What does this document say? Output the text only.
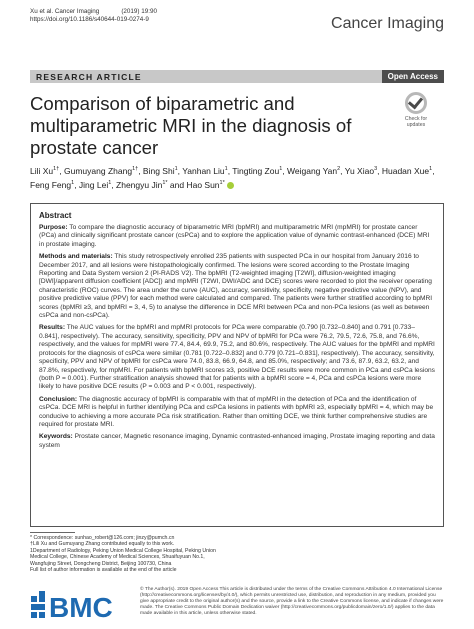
Xu et al. Cancer Imaging	(2019) 19:90
https://doi.org/10.1186/s40644-019-0274-9	Cancer Imaging
RESEARCH ARTICLE	Open Access
Comparison of biparametric and multiparametric MRI in the diagnosis of prostate cancer
Check for
updates
Lili $Xu^{1\dagger}$, Gumuyang Zhang$^{1\dagger}$, Bing Shi$^1$, Yanhan Liu$^1$, Tingting Zou$^1$, Weigang Yan$^2$, Yu Xiao$^3$, Huadan Xue$^1$, Feng Feng$^1$, Jing Lei$^1$, Zhengyu Jin$^{1*}$ and Hao Sun$^{1*}$
Abstract

Purpose: To compare the diagnostic accuracy of biparametric MRI (bpMRI) and multiparametric MRI (mpMRI) for prostate cancer (PCa) and clinically significant prostate cancer (csPCa) and to explore the application value of dynamic contrast-enhanced (DCE) MRI in prostate imaging.

Methods and materials: This study retrospectively enrolled 235 patients with suspected PCa in our hospital from January 2016 to December 2017, and all lesions were histopathologically confirmed. The lesions were scored according to the Prostate Imaging Reporting and Data System version 2 (PI-RADS V2). The bpMRI (T2-weighted imaging [T2WI], diffusion-weighted imaging [DWI]/apparent diffusion coefficient [ADC]) and mpMRI (T2WI, DWI/ADC and DCE) scores were recorded to plot the receiver operating characteristic (ROC) curves. The area under the curve (AUC), accuracy, sensitivity, specificity, negative predictive value (NPV), and positive predictive value (PPV) for each method were calculated and compared. The patients were further stratified according to bpMRI scores (bpMRI ≥3, and bpMRI = 3, 4, 5) to analyse the difference in DCE MRI between PCa and non-PCa lesions (as well as between csPCa and non-csPCa).

Results: The AUC values for the bpMRI and mpMRI protocols for PCa were comparable (0.790 [0.732–0.840] and 0.791 [0.733–0.841], respectively). The accuracy, sensitivity, specificity, PPV and NPV of bpMRI for PCa were 76.2, 79.5, 72.6, 75.8, and 76.6%, respectively, and the values for mpMRI were 77.4, 84.4, 69.9, 75.2, and 80.6%, respectively. The AUC values for the bpMRI and mpMRI protocols for the diagnosis of csPCa were similar (0.781 [0.722–0.832] and 0.779 [0.721–0.831], respectively). The accuracy, sensitivity, specificity, PPV and NPV of bpMRI for csPCa were 74.0, 83.8, 66.9, 64.8, and 85.0%, respectively; and 73.6, 87.9, 63.2, 63.2, and 87.8%, respectively, for mpMRI. For patients with bpMRI scores ≥3, positive DCE results were more common in PCa and csPCa lesions (both P = 0.001). Further stratification analysis showed that for patients with a bpMRI score = 4, PCa and csPCa lesions were more likely to have positive DCE results (P = 0.003 and P < 0.001, respectively).

Conclusion: The diagnostic accuracy of bpMRI is comparable with that of mpMRI in the detection of PCa and the identification of csPCa. DCE MRI is helpful in further identifying PCa and csPCa lesions in patients with bpMRI ≥3, especially bpMRI = 4, which may be conducive to achieving a more accurate PCa risk stratification. Rather than omitting DCE, we think further comprehensive studies are required for prostate MRI.

Keywords: Prostate cancer, Magnetic resonance imaging, Dynamic contrasted-enhanced imaging, Prostate imaging reporting and data system

* Correspondence: sunhao_robert@126.com; jinzy@pumch.cn
†Lili Xu and Gumuyang Zhang contributed equally to this work.
1Department of Radiology, Peking Union Medical College Hospital, Peking Union Medical College, Chinese Academy of Medical Sciences, Shuaifuyuan No.1, Wangfujing Street, Dongcheng District, Beijing 100730, China
Full list of author information is available at the end of the article
BMC
© The Author(s). 2019 Open Access This article is distributed under the terms of the Creative Commons Attribution 4.0 International License (http://creativecommons.org/licenses/by/4.0/), which permits unrestricted use, distribution, and reproduction in any medium, provided you give appropriate credit to the original author(s) and the source, provide a link to the Creative Commons license, and indicate if changes were made. The Creative Commons Public Domain Dedication waiver (http://creativecommons.org/publicdomain/zero/1.0/) applies to the data made available in this article, unless otherwise stated.
